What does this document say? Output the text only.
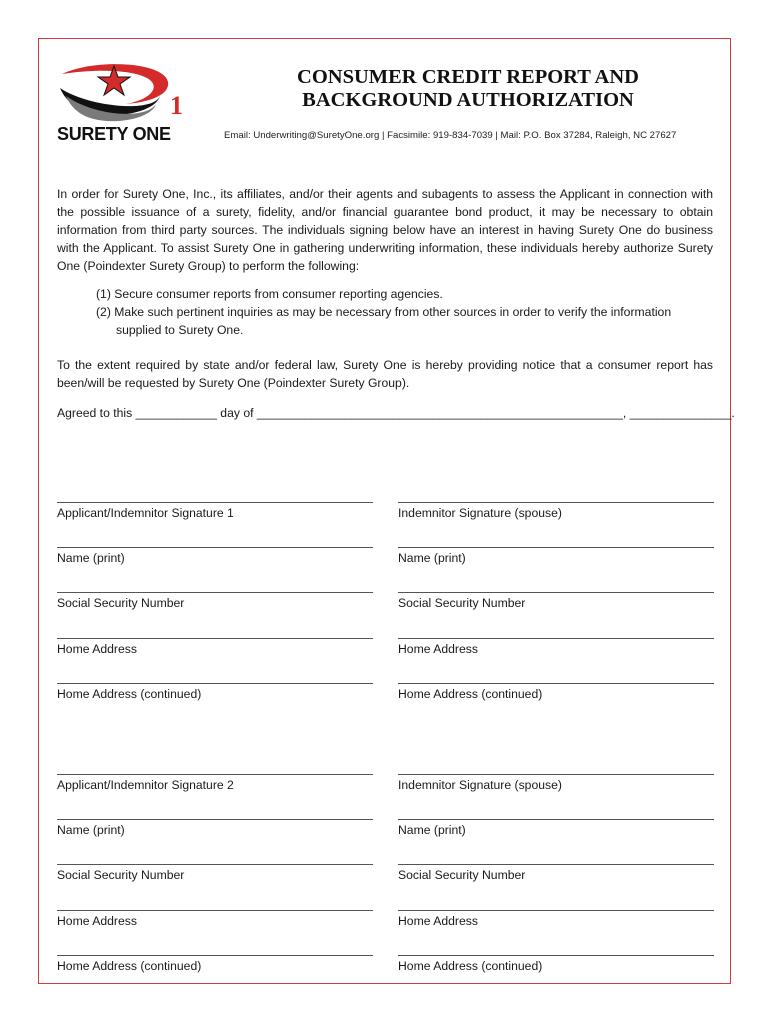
1
SURETY ONE
CONSUMER CREDIT REPORT AND
BACKGROUND AUTHORIZATION
Email: Underwriting@SuretyOne.org | Facsimile: 919-834-7039 | Mail: P.O. Box 37284, Raleigh, NC 27627

In order for Surety One, Inc., its affiliates, and/or their agents and subagents to assess the Applicant in connection with the possible issuance of a surety, fidelity, and/or financial guarantee bond product, it may be necessary to obtain information from third party sources. The individuals signing below have an interest in having Surety One do business with the Applicant. To assist Surety One in gathering underwriting information, these individuals hereby authorize Surety One (Poindexter Surety Group) to perform the following:

(1) Secure consumer reports from consumer reporting agencies.
(2) Make such pertinent inquiries as may be necessary from other sources in order to verify the information
supplied to Surety One.

To the extent required by state and/or federal law, Surety One is hereby providing notice that a consumer report has been/will be requested by Surety One (Poindexter Surety Group).

Agreed to this ____________ day of ______________________________________________________, _______________.
Applicant/Indemnitor Signature 1
Name (print)
Social Security Number
Home Address
Home Address (continued)
Indemnitor Signature (spouse)
Name (print)
Social Security Number
Home Address
Home Address (continued)
Applicant/Indemnitor Signature 2
Name (print)
Social Security Number
Home Address
Home Address (continued)
Indemnitor Signature (spouse)
Name (print)
Social Security Number
Home Address
Home Address (continued)
